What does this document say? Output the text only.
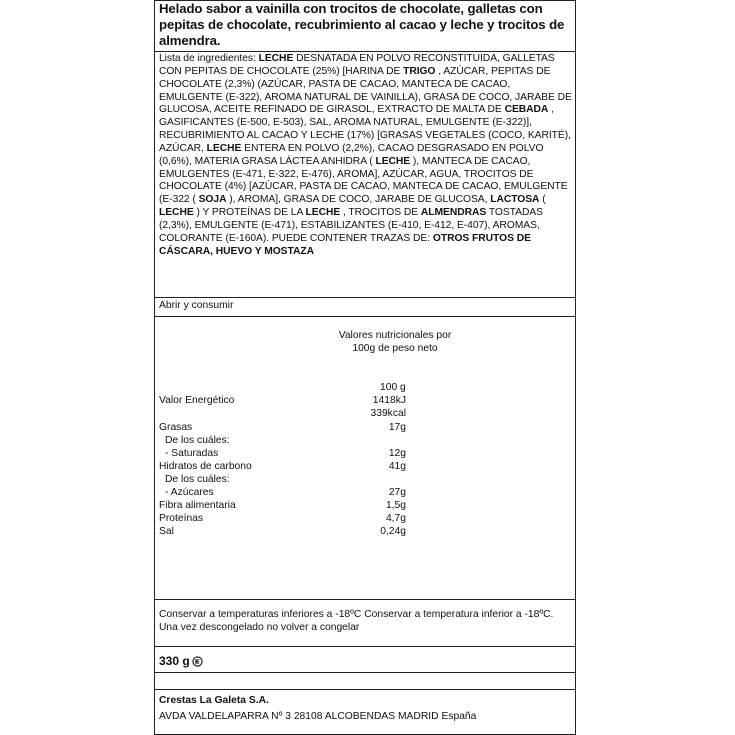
Helado sabor a vainilla con trocitos de chocolate, galletas con pepitas de chocolate, recubrimiento al cacao y leche y trocitos de almendra.
Lista de ingredientes: LECHE DESNATADA EN POLVO RECONSTITUIDA, GALLETAS CON PEPITAS DE CHOCOLATE (25%) [HARINA DE TRIGO , AZÚCAR, PEPITAS DE CHOCOLATE (2,3%) (AZÚCAR, PASTA DE CACAO, MANTECA DE CACAO, EMULGENTE (E-322), AROMA NATURAL DE VAINILLA), GRASA DE COCO, JARABE DE GLUCOSA, ACEITE REFINADO DE GIRASOL, EXTRACTO DE MALTA DE CEBADA , GASIFICANTES (E-500, E-503), SAL, AROMA NATURAL, EMULGENTE (E-322)], RECUBRIMIENTO AL CACAO Y LECHE (17%) [GRASAS VEGETALES (COCO, KARITÉ), AZÚCAR, LECHE ENTERA EN POLVO (2,2%), CACAO DESGRASADO EN POLVO (0,6%), MATERIA GRASA LÁCTEA ANHIDRA ( LECHE ), MANTECA DE CACAO, EMULGENTES (E-471, E-322, E-476), AROMA], AZÚCAR, AGUA, TROCITOS DE CHOCOLATE (4%) [AZÚCAR, PASTA DE CACAO, MANTECA DE CACAO, EMULGENTE (E-322 ( SOJA ), AROMA], GRASA DE COCO, JARABE DE GLUCOSA, LACTOSA ( LECHE ) Y PROTEÍNAS DE LA LECHE , TROCITOS DE ALMENDRAS TOSTADAS (2,3%), EMULGENTE (E-471), ESTABILIZANTES (E-410, E-412, E-407), AROMAS, COLORANTE (E-160A). PUEDE CONTENER TRAZAS DE: OTROS FRUTOS DE CÁSCARA, HUEVO Y MOSTAZA
Abrir y consumir
Valores nutricionales por 100g de peso neto
100 g
Valor Energético	1418kJ
339kcal
Grasas	17g
De los cuáles:
- Saturadas	12g
Hidratos de carbono	41g
De los cuáles:
- Azúcares	27g
Fibra alimentaria	1,5g
Proteínas	4,7g
Sal	0,24g
Conservar a temperaturas inferiores a -18ºC Conservar a temperatura inferior a -18ºC. Una vez descongelado no volver a congelar
330 g
Crestas La Galeta S.A.
AVDA VALDELAPARRA Nº 3 28108 ALCOBENDAS MADRID España
